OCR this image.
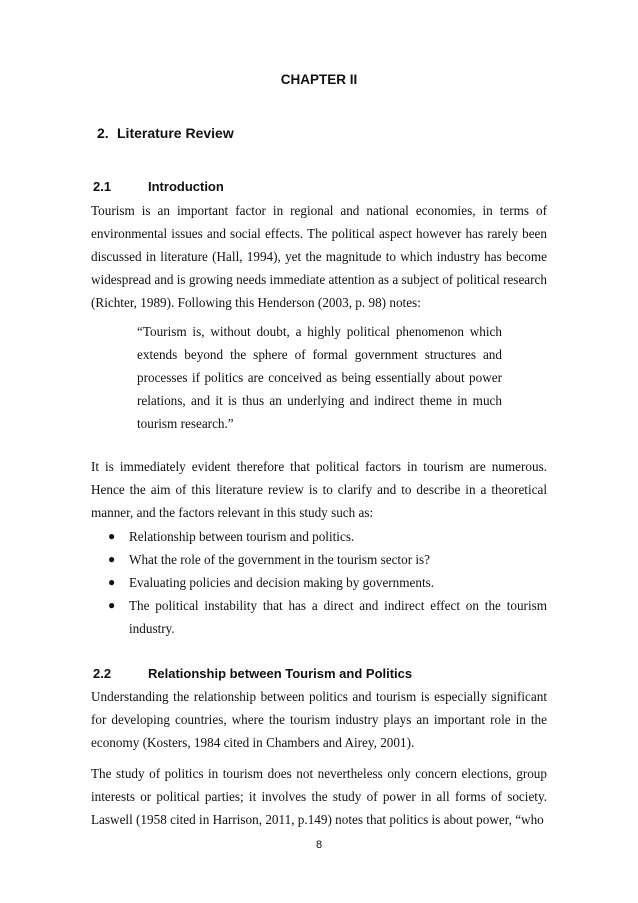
CHAPTER II
2. Literature Review
2.1	Introduction

Tourism is an important factor in regional and national economies, in terms of environmental issues and social effects. The political aspect however has rarely been discussed in literature (Hall, 1994), yet the magnitude to which industry has become widespread and is growing needs immediate attention as a subject of political research (Richter, 1989). Following this Henderson (2003, p. 98) notes:

“Tourism is, without doubt, a highly political phenomenon which extends beyond the sphere of formal government structures and processes if politics are conceived as being essentially about power relations, and it is thus an underlying and indirect theme in much tourism research.”

It is immediately evident therefore that political factors in tourism are numerous. Hence the aim of this literature review is to clarify and to describe in a theoretical manner, and the factors relevant in this study such as:

● Relationship between tourism and politics.
● What the role of the government in the tourism sector is?
● Evaluating policies and decision making by governments.
● The political instability that has a direct and indirect effect on the tourism industry.
2.2	Relationship between Tourism and Politics

Understanding the relationship between politics and tourism is especially significant for developing countries, where the tourism industry plays an important role in the economy (Kosters, 1984 cited in Chambers and Airey, 2001).

The study of politics in tourism does not nevertheless only concern elections, group interests or political parties; it involves the study of power in all forms of society. Laswell (1958 cited in Harrison, 2011, p.149) notes that politics is about power, “who

8
